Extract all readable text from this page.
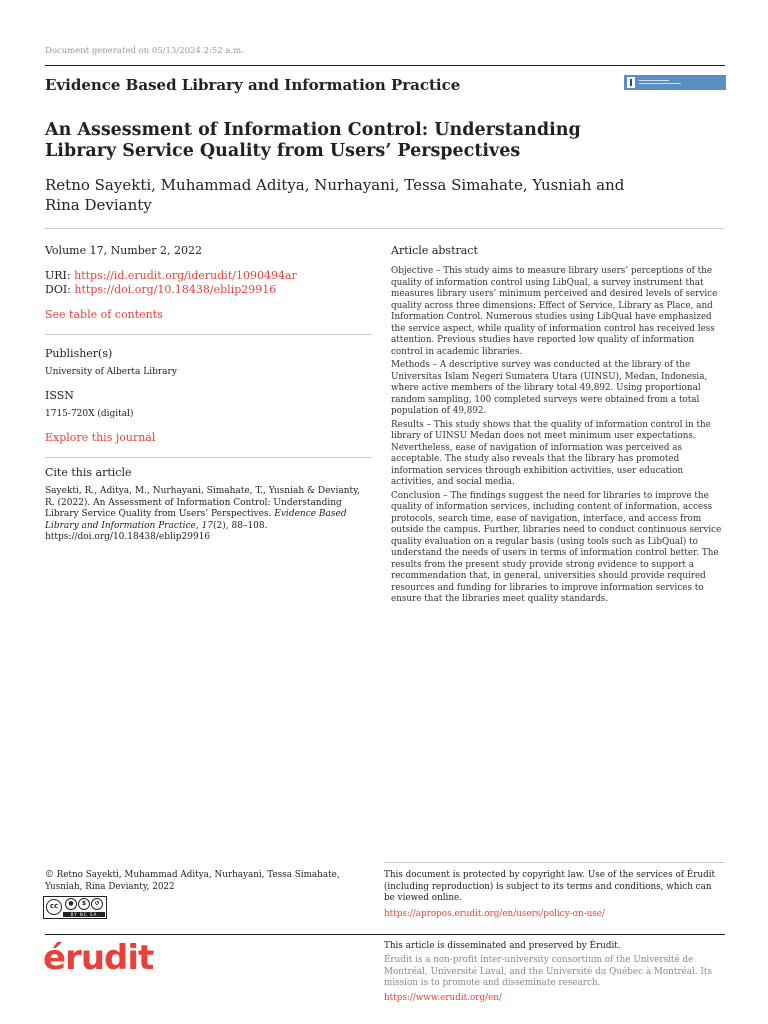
Document generated on 05/13/2024 2:52 a.m.
Evidence Based Library and Information Practice
An Assessment of Information Control: Understanding Library Service Quality from Users’ Perspectives
Retno Sayekti, Muhammad Aditya, Nurhayani, Tessa Simahate, Yusniah and Rina Devianty
Volume 17, Number 2, 2022
URI: https://id.erudit.org/iderudit/1090494ar
DOI: https://doi.org/10.18438/eblip29916
See table of contents
Publisher(s)
University of Alberta Library
ISSN
1715-720X (digital)
Explore this journal
Cite this article
Sayekti, R., Aditya, M., Nurhayani, Simahate, T., Yusniah & Devianty, R. (2022). An Assessment of Information Control: Understanding Library Service Quality from Users’ Perspectives. Evidence Based Library and Information Practice, 17(2), 88–108. https://doi.org/10.18438/eblip29916
Article abstract

Objective – This study aims to measure library users’ perceptions of the quality of information control using LibQual, a survey instrument that measures library users’ minimum perceived and desired levels of service quality across three dimensions: Effect of Service, Library as Place, and Information Control. Numerous studies using LibQual have emphasized the service aspect, while quality of information control has received less attention. Previous studies have reported low quality of information control in academic libraries.

Methods – A descriptive survey was conducted at the library of the Universitas Islam Negeri Sumatera Utara (UINSU), Medan, Indonesia, where active members of the library total 49,892. Using proportional random sampling, 100 completed surveys were obtained from a total population of 49,892.

Results – This study shows that the quality of information control in the library of UINSU Medan does not meet minimum user expectations. Nevertheless, ease of navigation of information was perceived as acceptable. The study also reveals that the library has promoted information services through exhibition activities, user education activities, and social media.

Conclusion – The findings suggest the need for libraries to improve the quality of information services, including content of information, access protocols, search time, ease of navigation, interface, and access from outside the campus. Further, libraries need to conduct continuous service quality evaluation on a regular basis (using tools such as LibQual) to understand the needs of users in terms of information control better. The results from the present study provide strong evidence to support a recommendation that, in general, universities should provide required resources and funding for libraries to improve information services to ensure that the libraries meet quality standards.

© Retno Sayekti, Muhammad Aditya, Nurhayani, Tessa Simahate, Yusniah, Rina Devianty, 2022
cc	●	$	↺
BY NC SA
This document is protected by copyright law. Use of the services of Érudit (including reproduction) is subject to its terms and conditions, which can be viewed online.
https://apropos.erudit.org/en/users/policy-on-use/
érudit	This article is disseminated and preserved by Érudit.
Érudit is a non-profit inter-university consortium of the Université de Montréal, Université Laval, and the Université du Québec à Montréal. Its mission is to promote and disseminate research.
https://www.erudit.org/en/
